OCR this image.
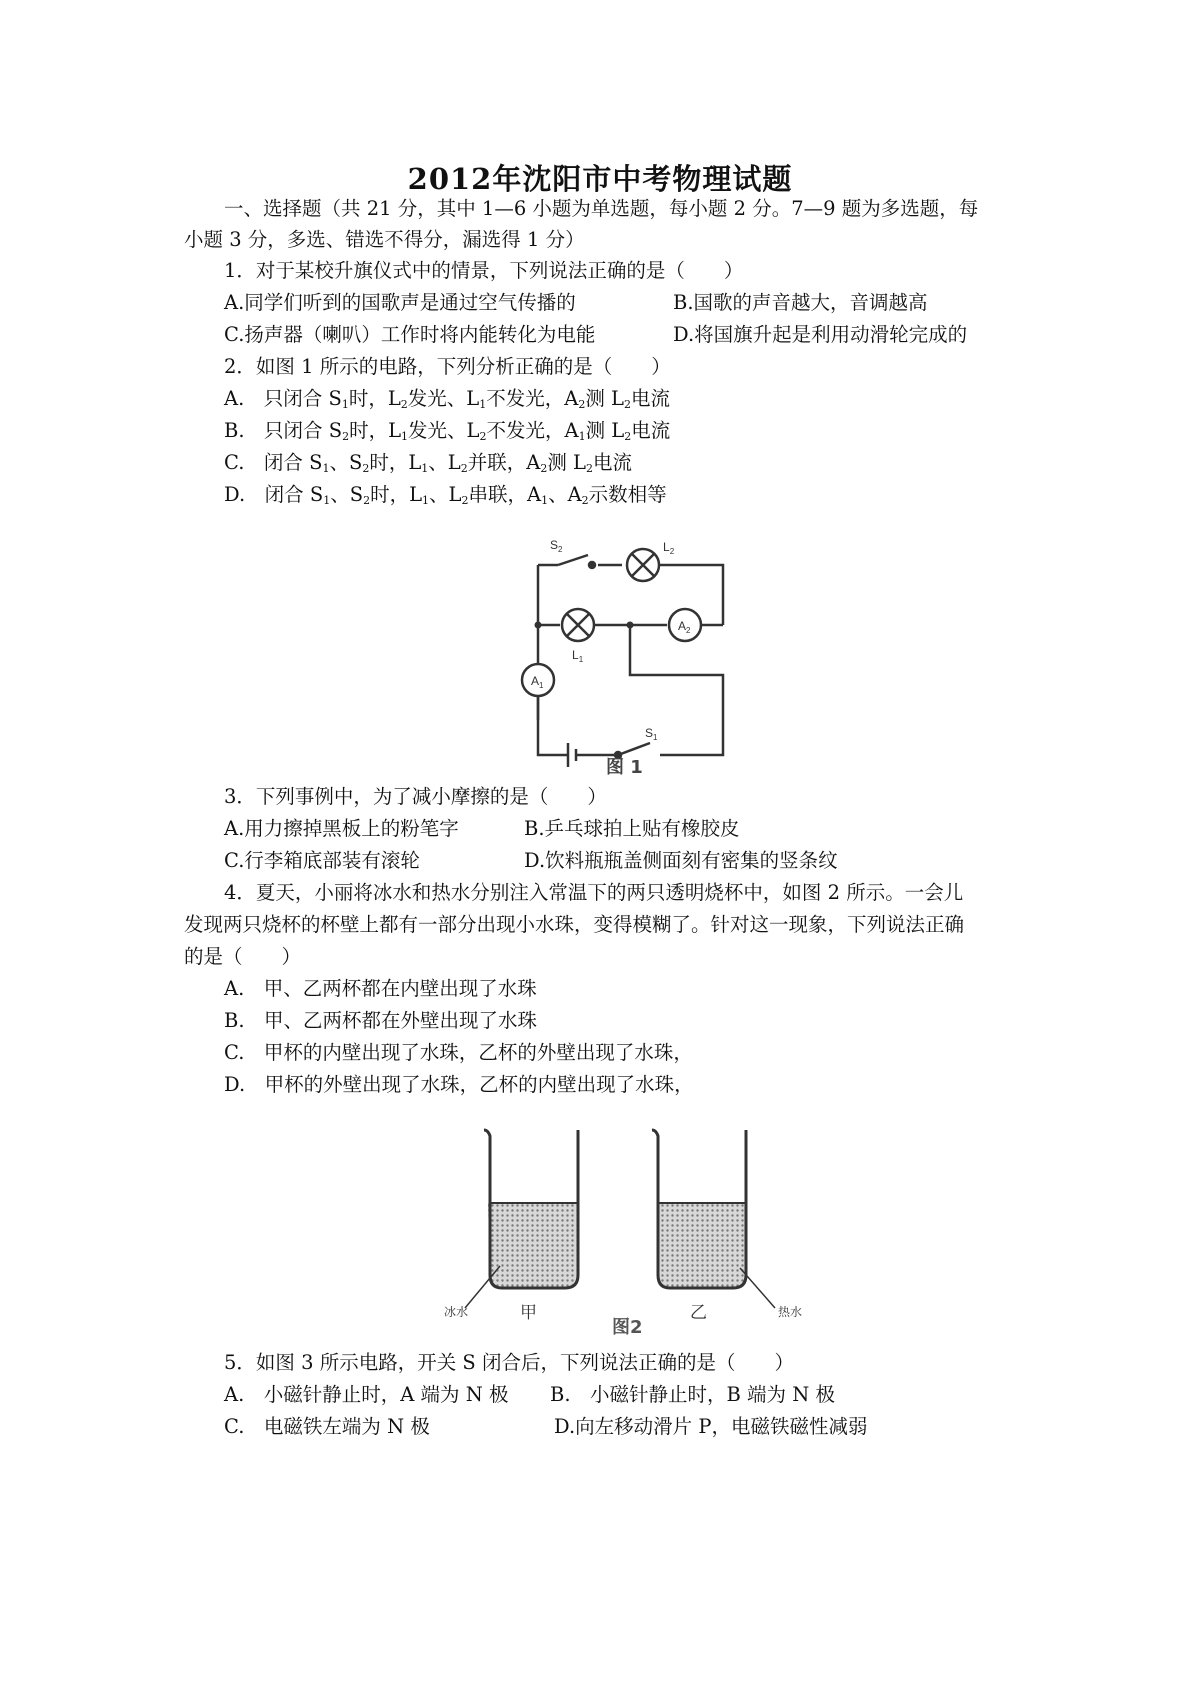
2012年沈阳市中考物理试题
一、选择题（共 21 分，其中 1—6 小题为单选题，每小题 2 分。7—9 题为多选题，每
小题 3 分，多选、错选不得分，漏选得 1 分）
1．对于某校升旗仪式中的情景，下列说法正确的是（　　）
A.同学们听到的国歌声是通过空气传播的	B.国歌的声音越大，音调越高
C.扬声器（喇叭）工作时将内能转化为电能	D.将国旗升起是利用动滑轮完成的
2．如图 1 所示的电路，下列分析正确的是（　　）
A.　只闭合 $S_1$时，$L_2$发光、$L_1$不发光，$A_2$测 $L_2$电流
B.　只闭合 $S_2$时，$L_1$发光、$L_2$不发光，$A_1$测 $L_2$电流
C.　闭合 $S_1$、$S_2$时，$L_1$、$L_2$并联，$A_2$测 $L_2$电流
D.　闭合 $S_1$、$S_2$时，$L_1$、$L_2$串联，$A_1$、$A_2$示数相等
$S_2$	$L_2$
$L_1$
$S_1$
$A_1$
$A_2$
图 1
3．下列事例中，为了减小摩擦的是（　　）
A.用力擦掉黑板上的粉笔字	B.乒乓球拍上贴有橡胶皮
C.行李箱底部装有滚轮	D.饮料瓶瓶盖侧面刻有密集的竖条纹
4．夏天，小丽将冰水和热水分别注入常温下的两只透明烧杯中，如图 2 所示。一会儿
发现两只烧杯的杯壁上都有一部分出现小水珠，变得模糊了。针对这一现象，下列说法正确
的是（　　）
A.　甲、乙两杯都在内壁出现了水珠
B.　甲、乙两杯都在外壁出现了水珠
C.　甲杯的内壁出现了水珠，乙杯的外壁出现了水珠，
D.　甲杯的外壁出现了水珠，乙杯的内壁出现了水珠，
冰水	甲	乙	热水
图2
5．如图 3 所示电路，开关 S 闭合后，下列说法正确的是（　　）
A.　小磁针静止时，A 端为 N 极 B.　小磁针静止时，B 端为 N 极
C.　电磁铁左端为 N 极	D.向左移动滑片 P，电磁铁磁性减弱
